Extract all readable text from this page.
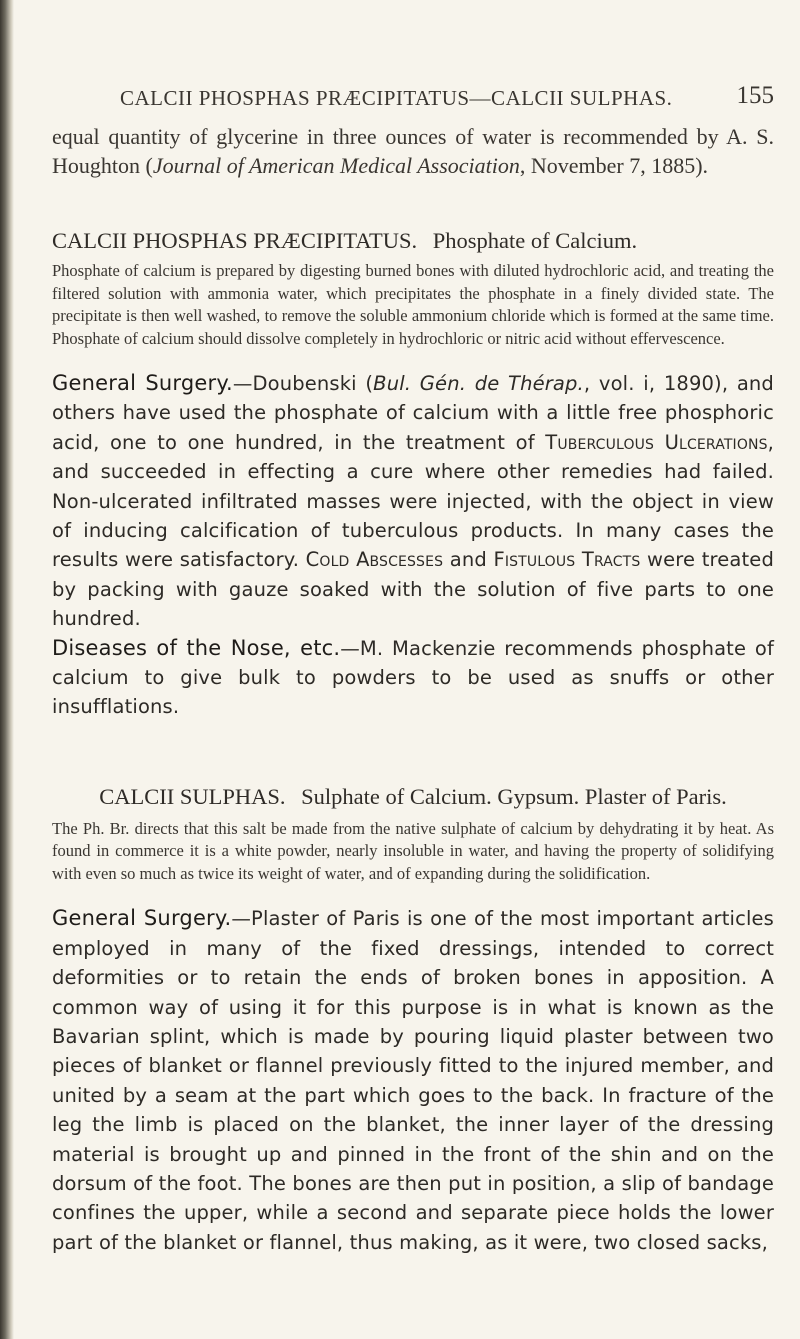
CALCII PHOSPHAS PRÆCIPITATUS—CALCII SULPHAS.	155

equal quantity of glycerine in three ounces of water is recommended by A. S. Houghton (Journal of American Medical Association, November 7, 1885).

CALCII PHOSPHAS PRÆCIPITATUS. Phosphate of Calcium.

Phosphate of calcium is prepared by digesting burned bones with diluted hydrochloric acid, and treating the filtered solution with ammonia water, which precipitates the phosphate in a finely divided state. The precipitate is then well washed, to remove the soluble ammonium chloride which is formed at the same time. Phosphate of calcium should dissolve completely in hydrochloric or nitric acid without effervescence.

General Surgery.—Doubenski (Bul. Gén. de Thérap., vol. i, 1890), and others have used the phosphate of calcium with a little free phosphoric acid, one to one hundred, in the treatment of Tuberculous Ulcerations, and succeeded in effecting a cure where other remedies had failed. Non-ulcerated infiltrated masses were injected, with the object in view of inducing calcification of tuberculous products. In many cases the results were satisfactory. Cold Abscesses and Fistulous Tracts were treated by packing with gauze soaked with the solution of five parts to one hundred.

Diseases of the Nose, etc.—M. Mackenzie recommends phosphate of calcium to give bulk to powders to be used as snuffs or other insufflations.

CALCII SULPHAS. Sulphate of Calcium. Gypsum. Plaster of Paris.

The Ph. Br. directs that this salt be made from the native sulphate of calcium by dehydrating it by heat. As found in commerce it is a white powder, nearly insoluble in water, and having the property of solidifying with even so much as twice its weight of water, and of expanding during the solidification.

General Surgery.—Plaster of Paris is one of the most important articles employed in many of the fixed dressings, intended to correct deformities or to retain the ends of broken bones in apposition. A common way of using it for this purpose is in what is known as the Bavarian splint, which is made by pouring liquid plaster between two pieces of blanket or flannel previously fitted to the injured member, and united by a seam at the part which goes to the back. In fracture of the leg the limb is placed on the blanket, the inner layer of the dressing material is brought up and pinned in the front of the shin and on the dorsum of the foot. The bones are then put in position, a slip of bandage confines the upper, while a second and separate piece holds the lower part of the blanket or flannel, thus making, as it were, two closed sacks,
